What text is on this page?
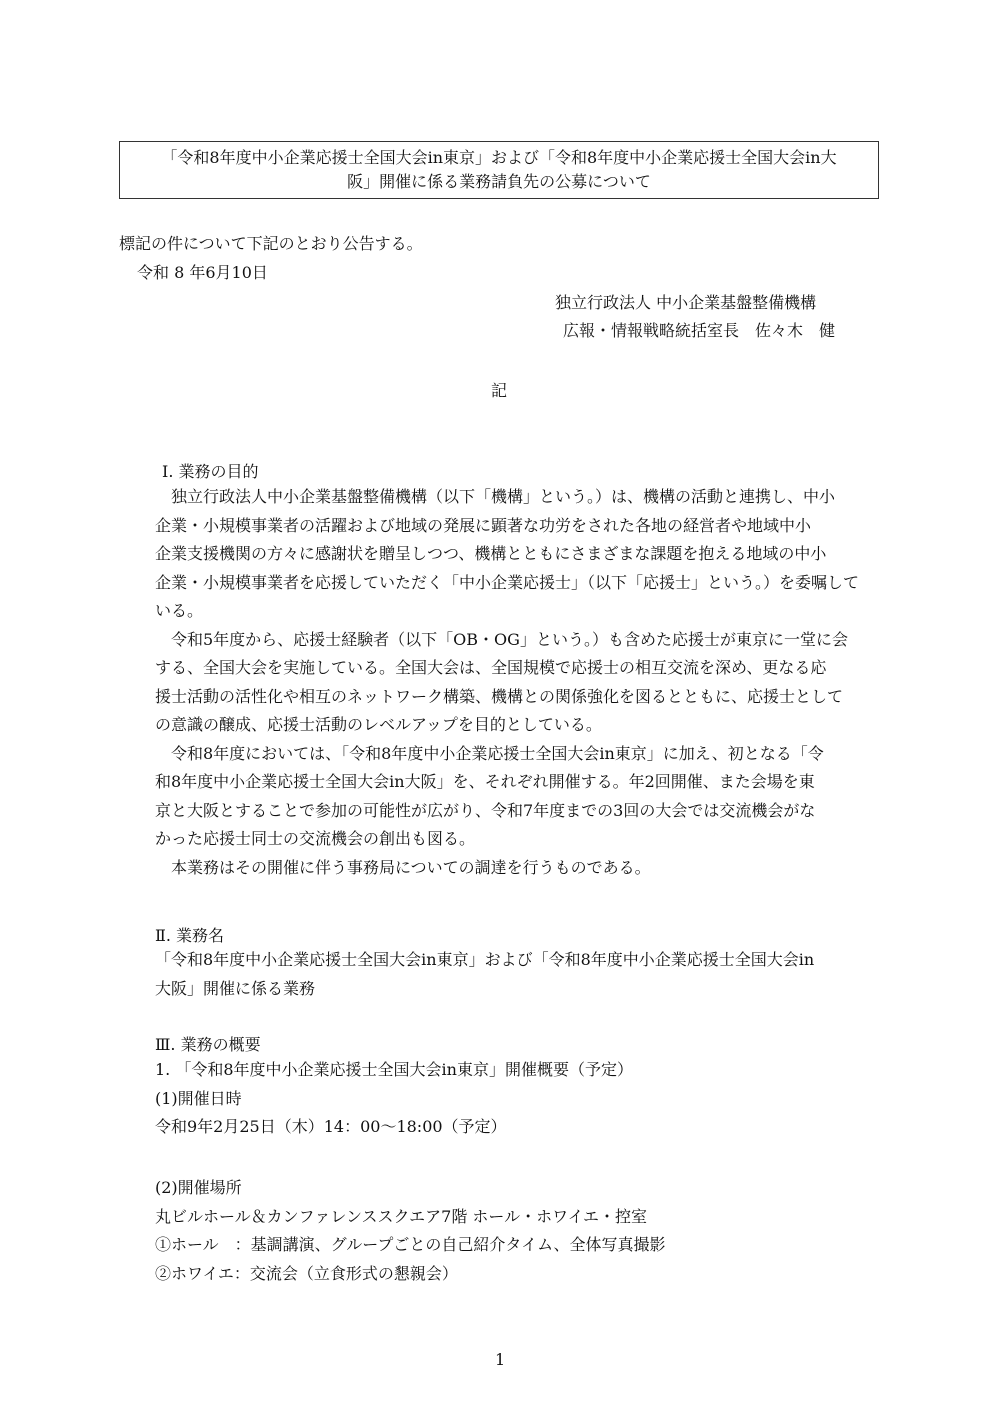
「令和8年度中小企業応援士全国大会in東京」および「令和8年度中小企業応援士全国大会in大
阪」開催に係る業務請負先の公募について
標記の件について下記のとおり公告する。
令和 8 年6月10日
独立行政法人 中小企業基盤整備機構
広報・情報戦略統括室長　佐々木　健
記
Ⅰ. 業務の目的
　独立行政法人中小企業基盤整備機構（以下「機構」という。）は、機構の活動と連携し、中小
企業・小規模事業者の活躍および地域の発展に顕著な功労をされた各地の経営者や地域中小
企業支援機関の方々に感謝状を贈呈しつつ、機構とともにさまざまな課題を抱える地域の中小
企業・小規模事業者を応援していただく「中小企業応援士」（以下「応援士」という。）を委嘱して
いる。
　令和5年度から、応援士経験者（以下「OB・OG」という。）も含めた応援士が東京に一堂に会
する、全国大会を実施している。全国大会は、全国規模で応援士の相互交流を深め、更なる応
援士活動の活性化や相互のネットワーク構築、機構との関係強化を図るとともに、応援士として
の意識の醸成、応援士活動のレベルアップを目的としている。
　令和8年度においては、「令和8年度中小企業応援士全国大会in東京」に加え、初となる「令
和8年度中小企業応援士全国大会in大阪」を、それぞれ開催する。年2回開催、また会場を東
京と大阪とすることで参加の可能性が広がり、令和7年度までの3回の大会では交流機会がな
かった応援士同士の交流機会の創出も図る。
　本業務はその開催に伴う事務局についての調達を行うものである。
Ⅱ. 業務名
「令和8年度中小企業応援士全国大会in東京」および「令和8年度中小企業応援士全国大会in
大阪」開催に係る業務
Ⅲ. 業務の概要
1. 「令和8年度中小企業応援士全国大会in東京」開催概要（予定）
(1)開催日時
令和9年2月25日（木）14：00～18:00（予定）
(2)開催場所
丸ビルホール＆カンファレンススクエア7階 ホール・ホワイエ・控室
①ホール　：基調講演、グループごとの自己紹介タイム、全体写真撮影
②ホワイエ：交流会（立食形式の懇親会）
1
